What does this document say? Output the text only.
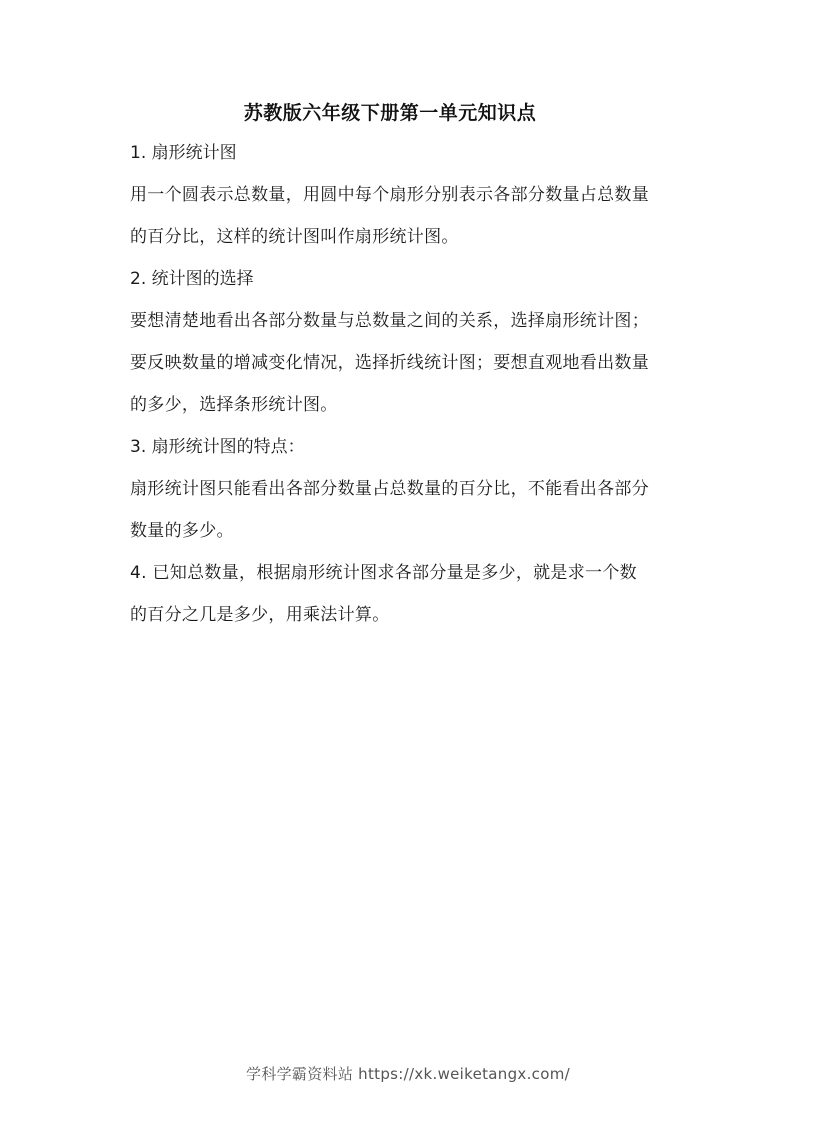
苏教版六年级下册第一单元知识点
1. 扇形统计图
用一个圆表示总数量，用圆中每个扇形分别表示各部分数量占总数量
的百分比，这样的统计图叫作扇形统计图。
2. 统计图的选择
要想清楚地看出各部分数量与总数量之间的关系，选择扇形统计图；
要反映数量的增减变化情况，选择折线统计图；要想直观地看出数量
的多少，选择条形统计图。
3. 扇形统计图的特点：
扇形统计图只能看出各部分数量占总数量的百分比，不能看出各部分
数量的多少。
4. 已知总数量，根据扇形统计图求各部分量是多少，就是求一个数
的百分之几是多少，用乘法计算。
学科学霸资料站 https://xk.weiketangx.com/
